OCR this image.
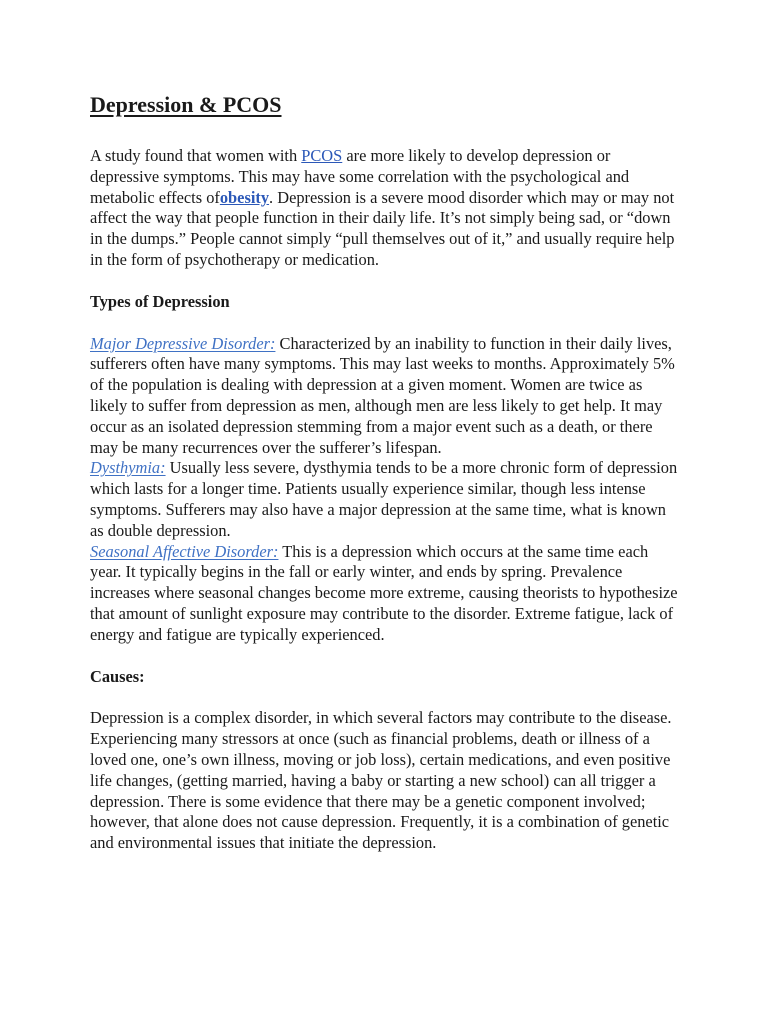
Depression & PCOS

A study found that women with PCOS are more likely to develop depression or depressive symptoms. This may have some correlation with the psychological and metabolic effects ofobesity. Depression is a severe mood disorder which may or may not affect the way that people function in their daily life. It’s not simply being sad, or “down in the dumps.” People cannot simply “pull themselves out of it,” and usually require help in the form of psychotherapy or medication.

Types of Depression

Major Depressive Disorder: Characterized by an inability to function in their daily lives, sufferers often have many symptoms. This may last weeks to months. Approximately 5% of the population is dealing with depression at a given moment. Women are twice as likely to suffer from depression as men, although men are less likely to get help. It may occur as an isolated depression stemming from a major event such as a death, or there may be many recurrences over the sufferer’s lifespan.

Dysthymia: Usually less severe, dysthymia tends to be a more chronic form of depression which lasts for a longer time. Patients usually experience similar, though less intense symptoms. Sufferers may also have a major depression at the same time, what is known as double depression.

Seasonal Affective Disorder: This is a depression which occurs at the same time each year. It typically begins in the fall or early winter, and ends by spring. Prevalence increases where seasonal changes become more extreme, causing theorists to hypothesize that amount of sunlight exposure may contribute to the disorder. Extreme fatigue, lack of energy and fatigue are typically experienced.

Causes:

Depression is a complex disorder, in which several factors may contribute to the disease. Experiencing many stressors at once (such as financial problems, death or illness of a loved one, one’s own illness, moving or job loss), certain medications, and even positive life changes, (getting married, having a baby or starting a new school) can all trigger a depression. There is some evidence that there may be a genetic component involved; however, that alone does not cause depression. Frequently, it is a combination of genetic and environmental issues that initiate the depression.
